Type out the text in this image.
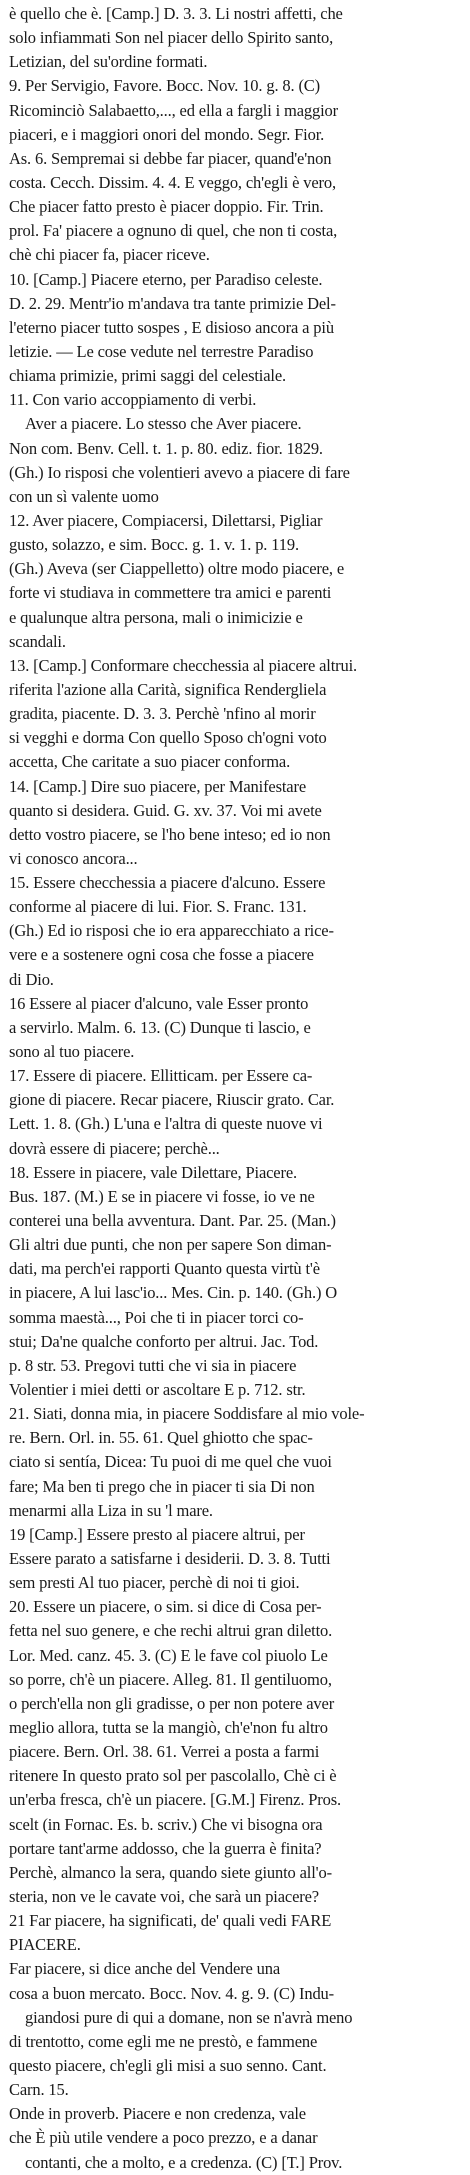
è quello che è. [Camp.] D. 3. 3. Li nostri affetti, che
solo infiammati Son nel piacer dello Spirito santo,
Letizian, del su'ordine formati.
9. Per Servigio, Favore. Bocc. Nov. 10. g. 8. (C)
Ricominciò Salabaetto,..., ed ella a fargli i maggior
piaceri, e i maggiori onori del mondo. Segr. Fior.
As. 6. Sempremai si debbe far piacer, quand'e'non
costa. Cecch. Dissim. 4. 4. E veggo, ch'egli è vero,
Che piacer fatto presto è piacer doppio. Fir. Trin.
prol. Fa' piacere a ognuno di quel, che non ti costa,
chè chi piacer fa, piacer riceve.
10. [Camp.] Piacere eterno, per Paradiso celeste.
D. 2. 29. Mentr'io m'andava tra tante primizie Del-
l'eterno piacer tutto sospes , E disioso ancora a più
letizie. — Le cose vedute nel terrestre Paradiso
chiama primizie, primi saggi del celestiale.
11. Con vario accoppiamento di verbi.
Aver a piacere. Lo stesso che Aver piacere.
Non com. Benv. Cell. t. 1. p. 80. ediz. fior. 1829.
(Gh.) Io risposi che volentieri avevo a piacere di fare
con un sì valente uomo
12. Aver piacere, Compiacersi, Dilettarsi, Pigliar
gusto, solazzo, e sim. Bocc. g. 1. v. 1. p. 119.
(Gh.) Aveva (ser Ciappelletto) oltre modo piacere, e
forte vi studiava in commettere tra amici e parenti
e qualunque altra persona, mali o inimicizie e
scandali.
13. [Camp.] Conformare checchessia al piacere altrui.
riferita l'azione alla Carità, significa Rendergliela
gradita, piacente. D. 3. 3. Perchè 'nfino al morir
si vegghi e dorma Con quello Sposo ch'ogni voto
accetta, Che caritate a suo piacer conforma.
14. [Camp.] Dire suo piacere, per Manifestare
quanto si desidera. Guid. G. xv. 37. Voi mi avete
detto vostro piacere, se l'ho bene inteso; ed io non
vi conosco ancora...
15. Essere checchessia a piacere d'alcuno. Essere
conforme al piacere di lui. Fior. S. Franc. 131.
(Gh.) Ed io risposi che io era apparecchiato a rice-
vere e a sostenere ogni cosa che fosse a piacere
di Dio.
16 Essere al piacer d'alcuno, vale Esser pronto
a servirlo. Malm. 6. 13. (C) Dunque ti lascio, e
sono al tuo piacere.
17. Essere di piacere. Ellitticam. per Essere ca-
gione di piacere. Recar piacere, Riuscir grato. Car.
Lett. 1. 8. (Gh.) L'una e l'altra di queste nuove vi
dovrà essere di piacere; perchè...
18. Essere in piacere, vale Dilettare, Piacere.
Bus. 187. (M.) E se in piacere vi fosse, io ve ne
conterei una bella avventura. Dant. Par. 25. (Man.)
Gli altri due punti, che non per sapere Son diman-
dati, ma perch'ei rapporti Quanto questa virtù t'è
in piacere, A lui lasc'io... Mes. Cin. p. 140. (Gh.) O
somma maestà..., Poi che ti in piacer torci co-
stui; Da'ne qualche conforto per altrui. Jac. Tod.
p. 8 str. 53. Pregovi tutti che vi sia in piacere
Volentier i miei detti or ascoltare E p. 712. str.
21. Siati, donna mia, in piacere Soddisfare al mio vole-
re. Bern. Orl. in. 55. 61. Quel ghiotto che spac-
ciato si sentía, Dicea: Tu puoi di me quel che vuoi
fare; Ma ben ti prego che in piacer ti sia Di non
menarmi alla Liza in su 'l mare.
19 [Camp.] Essere presto al piacere altrui, per
Essere parato a satisfarne i desiderii. D. 3. 8. Tutti
sem presti Al tuo piacer, perchè di noi ti gioi.
20. Essere un piacere, o sim. si dice di Cosa per-
fetta nel suo genere, e che rechi altrui gran diletto.
Lor. Med. canz. 45. 3. (C) E le fave col piuolo Le
so porre, ch'è un piacere. Alleg. 81. Il gentiluomo,
o perch'ella non gli gradisse, o per non potere aver
meglio allora, tutta se la mangiò, ch'e'non fu altro
piacere. Bern. Orl. 38. 61. Verrei a posta a farmi
ritenere In questo prato sol per pascolallo, Chè ci è
un'erba fresca, ch'è un piacere. [G.M.] Firenz. Pros.
scelt (in Fornac. Es. b. scriv.) Che vi bisogna ora
portare tant'arme addosso, che la guerra è finita?
Perchè, almanco la sera, quando siete giunto all'o-
steria, non ve le cavate voi, che sarà un piacere?
21 Far piacere, ha significati, de' quali vedi FARE
PIACERE.
Far piacere, si dice anche del Vendere una
cosa a buon mercato. Bocc. Nov. 4. g. 9. (C) Indu-
giandosi pure di qui a domane, non se n'avrà meno
di trentotto, come egli me ne prestò, e fammene
questo piacere, ch'egli gli misi a suo senno. Cant.
Carn. 15.
Onde in proverb. Piacere e non credenza, vale
che È più utile vendere a poco prezzo, e a danar
contanti, che a molto, e a credenza. (C) [T.] Prov.
